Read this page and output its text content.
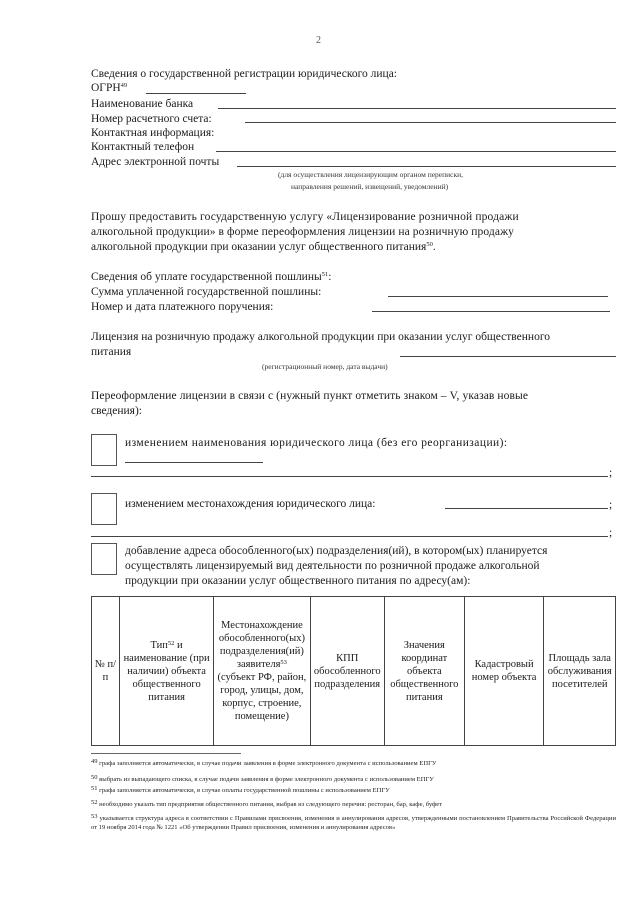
2
Сведения о государственной регистрации юридического лица:
ОГРН$^{49}$
Наименование банка
Номер расчетного счета:
Контактная информация:
Контактный телефон
Адрес электронной почты
(для осуществления лицензирующим органом переписки,
направления решений, извещений, уведомлений)
Прошу предоставить государственную услугу «Лицензирование розничной продажи
алкогольной продукции» в форме переоформления лицензии на розничную продажу
алкогольной продукции при оказании услуг общественного питания$^{50}$.
Сведения об уплате государственной пошлины$^{51}$:
Сумма уплаченной государственной пошлины:
Номер и дата платежного поручения:
Лицензия на розничную продажу алкогольной продукции при оказании услуг общественного
питания
(регистрационный номер, дата выдачи)
Переоформление лицензии в связи с (нужный пункт отметить знаком – V, указав новые
сведения):
изменением наименования юридического лица (без его реорганизации):
;
изменением местонахождения юридического лица:	;
;
добавление адреса обособленного(ых) подразделения(ий), в котором(ых) планируется
осуществлять лицензируемый вид деятельности по розничной продаже алкогольной
продукции при оказании услуг общественного питания по адресу(ам):
№ п/п	Тип$^{52}$ и
наименование (при наличии) объекта общественного питания	Местонахождение обособленного(ых) подразделения(ий) заявителя$^{53}$
(субъект РФ, район, город, улицы, дом, корпус, строение, помещение)	КПП обособленного подразделения	Значения координат объекта общественного питания	Кадастровый номер объекта	Площадь зала обслуживания посетителей
$^{49}$ графа заполняется автоматически, в случае подачи заявления в форме электронного документа с использованием ЕПГУ
$^{50}$ выбрать из выпадающего списка, в случае подачи заявления в форме электронного документа с использованием ЕПГУ
$^{51}$ графа заполняется автоматически, в случае оплаты государственной пошлины с использованием ЕПГУ
$^{52}$ необходимо указать тип предприятия общественного питания, выбрав из следующего перечня: ресторан, бар, кафе, буфет
$^{53}$ указывается структура адреса в соответствии с Правилами присвоения, изменения и аннулирования адресов, утвержденными постановлением Правительства Российской Федерации от 19 ноября 2014 года № 1221 «Об утверждении Правил присвоения, изменения и аннулирования адресов»
